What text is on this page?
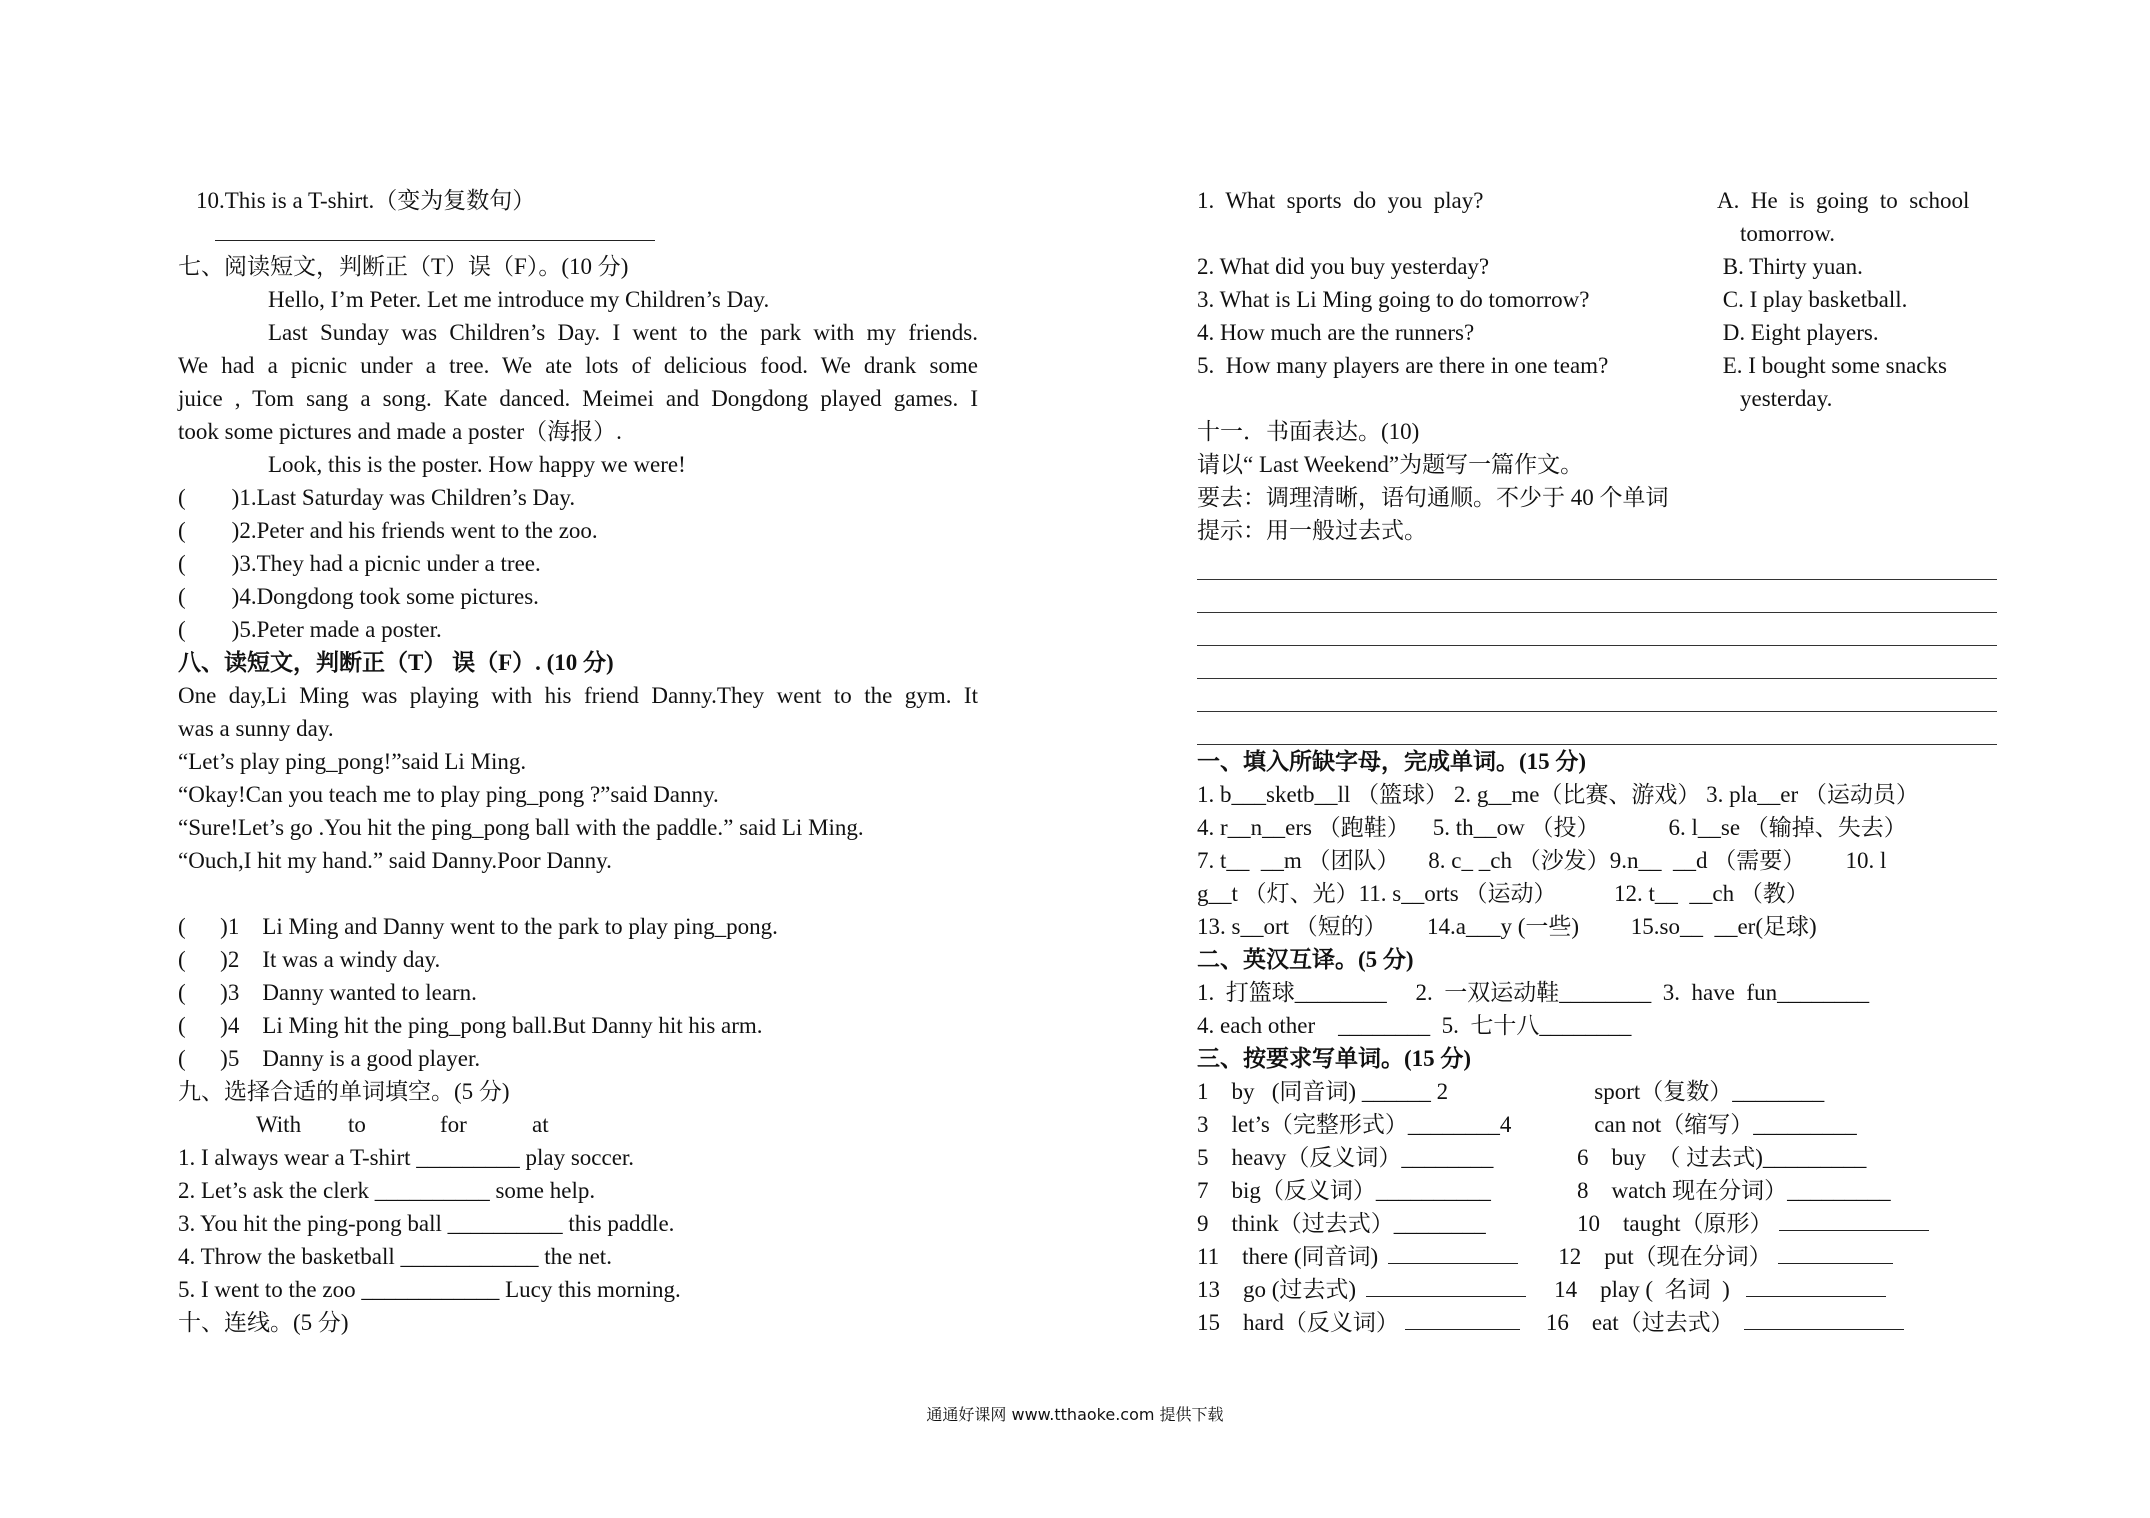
10.This is a T-shirt.（变为复数句）
七、阅读短文，判断正（T）误（F）。(10 分)
Hello, I’m Peter. Let me introduce my Children’s Day.
Last Sunday was Children’s Day. I went to the park with my friends.
We had a picnic under a tree. We ate lots of delicious food. We drank some
juice , Tom sang a song. Kate danced. Meimei and Dongdong played games. I
took some pictures and made a poster（海报）.
Look, this is the poster. How happy we were!
(        )1.Last Saturday was Children’s Day.
(        )2.Peter and his friends went to the zoo.
(        )3.They had a picnic under a tree.
(        )4.Dongdong took some pictures.
(        )5.Peter made a poster.
八、读短文，判断正（T） 误（F）. (10 分)
One day,Li Ming was playing with his friend Danny.They went to the gym. It
was a sunny day.
“Let’s play ping_pong!”said Li Ming.
“Okay!Can you teach me to play ping_pong ?”said Danny.
“Sure!Let’s go .You hit the ping_pong ball with the paddle.” said Li Ming.
“Ouch,I hit my hand.” said Danny.Poor Danny.
(      )1    Li Ming and Danny went to the park to play ping_pong.
(      )2    It was a windy day.
(      )3    Danny wanted to learn.
(      )4    Li Ming hit the ping_pong ball.But Danny hit his arm.
(      )5    Danny is a good player.
九、选择合适的单词填空。(5 分)
With to	for	at
1. I always wear a T-shirt _________ play soccer.
2. Let’s ask the clerk __________ some help.
3. You hit the ping-pong ball __________ this paddle.
4. Throw the basketball ____________ the net.
5. I went to the zoo ____________ Lucy this morning.
十、连线。(5 分)
1.  What  sports  do  you  play?	A.  He  is  going  to  school
tomorrow.
2. What did you buy yesterday?	B. Thirty yuan.
3. What is Li Ming going to do tomorrow?	C. I play basketball.
4. How much are the runners?	D. Eight players.
5.  How many players are there in one team?	E. I bought some snacks
yesterday.
十一．书面表达。(10)
请以“ Last Weekend”为题写一篇作文。
要去：调理清晰，语句通顺。不少于 40 个单词
提示：用一般过去式。
一、填入所缺字母，完成单词。(15 分)
1. b___sketb__ll （篮球） 2. g__me（比赛、游戏） 3. pla__er （运动员）
4. r__n__ers （跑鞋）    5. th__ow （投）            6. l__se （输掉、失去）
7. t__  __m （团队）     8. c_ _ch （沙发）9.n__  __d （需要）       10. l
g__t （灯、光）11. s__orts （运动）          12. t__  __ch （教）
13. s__ort （短的）       14.a___y (一些)         15.so__  __er(足球)
二、英汉互译。(5 分)
1.  打篮球________     2.  一双运动鞋________  3.  have  fun________
4. each other    ________  5.  七十八________
三、按要求写单词。(15 分)
1    by   (同音词) ______ 2	sport（复数）________
3    let’s（完整形式）________4	can not（缩写）_________
5    heavy（反义词）________	6    buy  （ 过去式)_________
7    big（反义词）__________	8    watch 现在分词）_________
9    think（过去式）________	10    taught（原形）
11    there (同音词)	12    put（现在分词）
13    go (过去式)	14    play (  名词  )
15    hard（反义词）	16    eat（过去式）
通通好课网 www.tthaoke.com 提供下载
